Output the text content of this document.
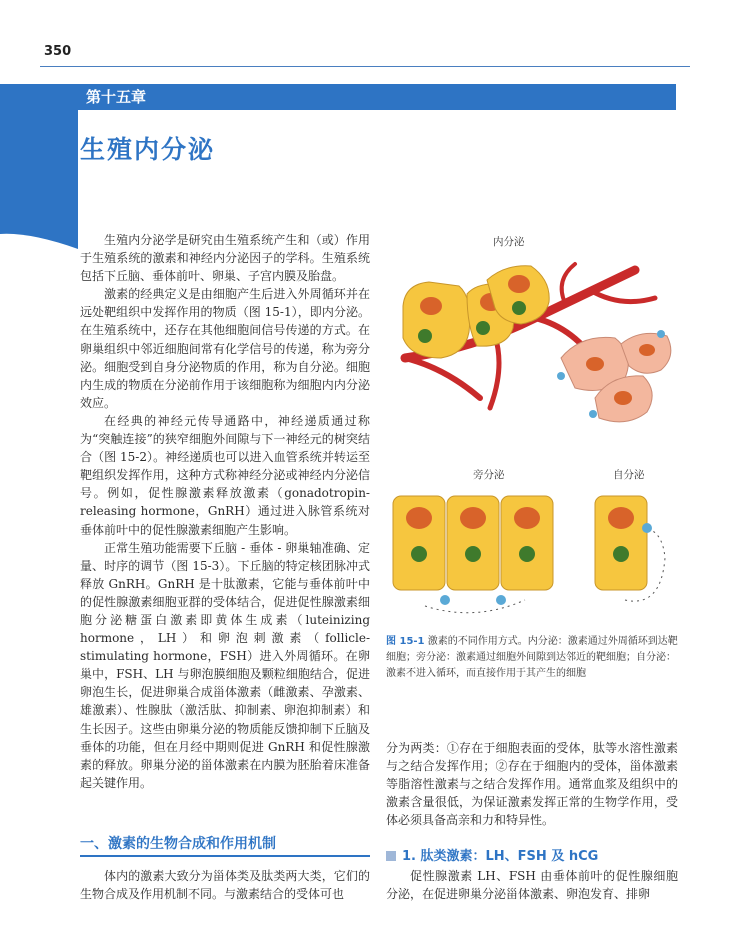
350
第十五章
生殖内分泌

生殖内分泌学是研究由生殖系统产生和（或）作用于生殖系统的激素和神经内分泌因子的学科。生殖系统包括下丘脑、垂体前叶、卵巢、子宫内膜及胎盘。

激素的经典定义是由细胞产生后进入外周循环并在远处靶组织中发挥作用的物质（图 15-1），即内分泌。在生殖系统中，还存在其他细胞间信号传递的方式。在卵巢组织中邻近细胞间常有化学信号的传递，称为旁分泌。细胞受到自身分泌物质的作用，称为自分泌。细胞内生成的物质在分泌前作用于该细胞称为细胞内内分泌效应。

在经典的神经元传导通路中，神经递质通过称为“突触连接”的狭窄细胞外间隙与下一神经元的树突结合（图 15-2）。神经递质也可以进入血管系统并转运至靶组织发挥作用，这种方式称神经分泌或神经内分泌信号。例如，促性腺激素释放激素（gonadotropin-releasing hormone，GnRH）通过进入脉管系统对垂体前叶中的促性腺激素细胞产生影响。

正常生殖功能需要下丘脑 - 垂体 - 卵巢轴准确、定量、时序的调节（图 15-3）。下丘脑的特定核团脉冲式释放 GnRH。GnRH 是十肽激素，它能与垂体前叶中的促性腺激素细胞亚群的受体结合，促进促性腺激素细胞分泌糖蛋白激素即黄体生成素（luteinizing hormone，LH）和卵泡刺激素（follicle-stimulating hormone，FSH）进入外周循环。在卵巢中，FSH、LH 与卵泡膜细胞及颗粒细胞结合，促进卵泡生长，促进卵巢合成甾体激素（雌激素、孕激素、雄激素）、性腺肽（激活肽、抑制素、卵泡抑制素）和生长因子。这些由卵巢分泌的物质能反馈抑制下丘脑及垂体的功能，但在月经中期则促进 GnRH 和促性腺激素的释放。卵巢分泌的甾体激素在内膜为胚胎着床准备起关键作用。

一、激素的生物合成和作用机制

体内的激素大致分为甾体类及肽类两大类，它们的生物合成及作用机制不同。与激素结合的受体可也

内分泌
旁分泌	自分泌
图 15-1 激素的不同作用方式。内分泌：激素通过外周循环到达靶细胞；旁分泌：激素通过细胞外间隙到达邻近的靶细胞；自分泌：激素不进入循环，而直接作用于其产生的细胞

分为两类：①存在于细胞表面的受体，肽等水溶性激素与之结合发挥作用；②存在于细胞内的受体，甾体激素等脂溶性激素与之结合发挥作用。通常血浆及组织中的激素含量很低，为保证激素发挥正常的生物学作用，受体必须具备高亲和力和特异性。

1. 肽类激素：LH、FSH 及 hCG

促性腺激素 LH、FSH 由垂体前叶的促性腺细胞分泌，在促进卵巢分泌甾体激素、卵泡发育、排卵
